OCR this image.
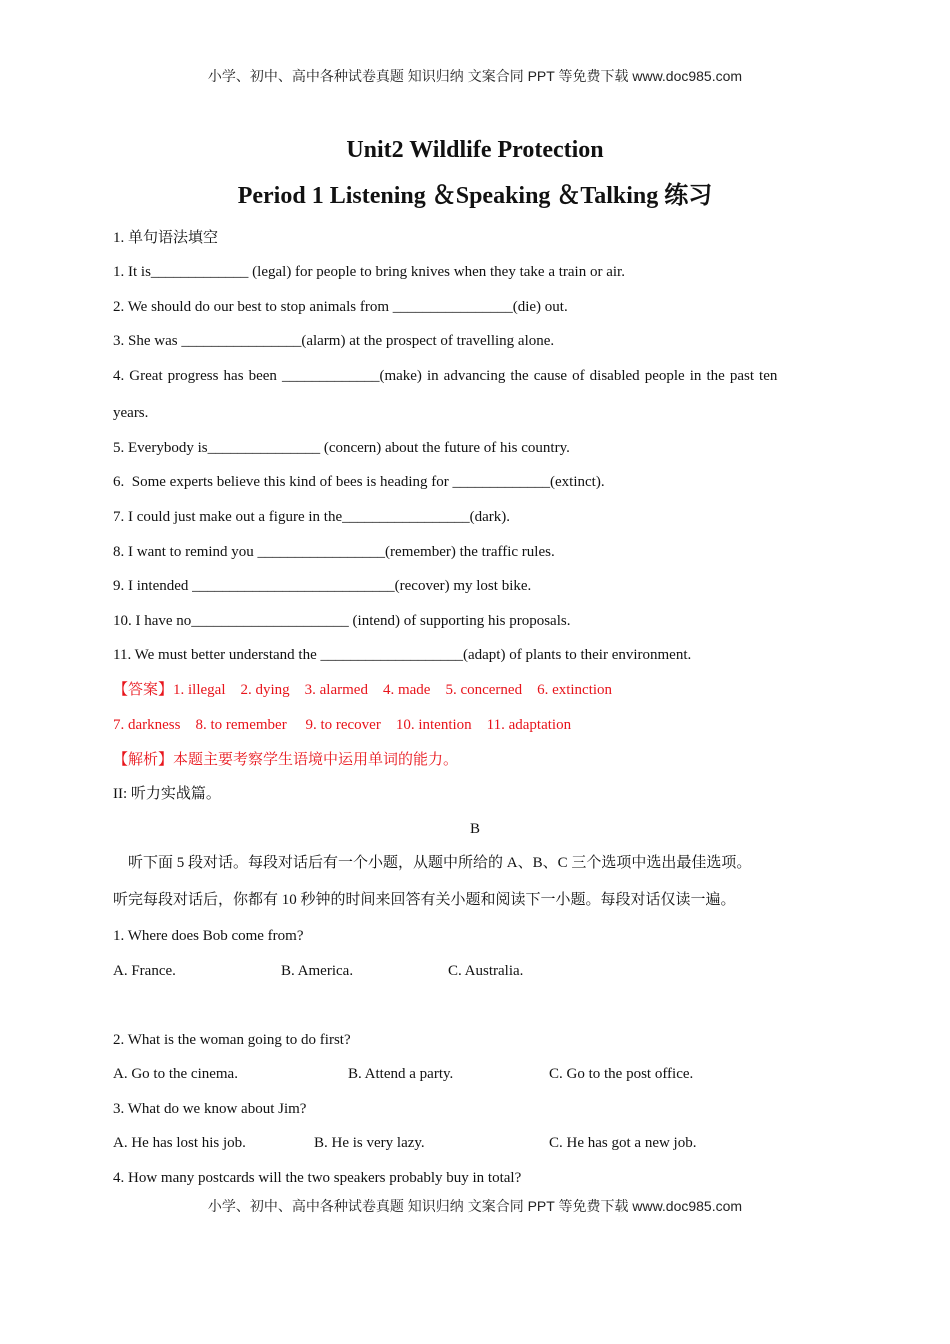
小学、初中、高中各种试卷真题 知识归纳 文案合同 PPT 等免费下载 www.doc985.com
Unit2 Wildlife Protection
Period 1 Listening ＆Speaking ＆Talking 练习
1. 单句语法填空
1. It is_____________ (legal) for people to bring knives when they take a train or air.
2. We should do our best to stop animals from ________________(die) out.
3. She was ________________(alarm) at the prospect of travelling alone.
4. Great progress has been _____________(make) in advancing the cause of disabled people in the past ten
years.
5. Everybody is_______________ (concern) about the future of his country.
6.  Some experts believe this kind of bees is heading for _____________(extinct).
7. I could just make out a figure in the_________________(dark).
8. I want to remind you _________________(remember) the traffic rules.
9. I intended ___________________________(recover) my lost bike.
10. I have no_____________________ (intend) of supporting his proposals.
11. We must better understand the ___________________(adapt) of plants to their environment.
【答案】1. illegal    2. dying    3. alarmed    4. made    5. concerned    6. extinction
7. darkness    8. to remember     9. to recover    10. intention    11. adaptation
【解析】本题主要考察学生语境中运用单词的能力。
II: 听力实战篇。
B
听下面 5 段对话。每段对话后有一个小题，从题中所给的 A、B、C 三个选项中选出最佳选项。
听完每段对话后，你都有 10 秒钟的时间来回答有关小题和阅读下一小题。每段对话仅读一遍。
1. Where does Bob come from?
A. France.	B. America.	C. Australia.
2. What is the woman going to do first?
A. Go to the cinema.	B. Attend a party.	C. Go to the post office.
3. What do we know about Jim?
A. He has lost his job.	B. He is very lazy.	C. He has got a new job.
4. How many postcards will the two speakers probably buy in total?
小学、初中、高中各种试卷真题 知识归纳 文案合同 PPT 等免费下载 www.doc985.com
